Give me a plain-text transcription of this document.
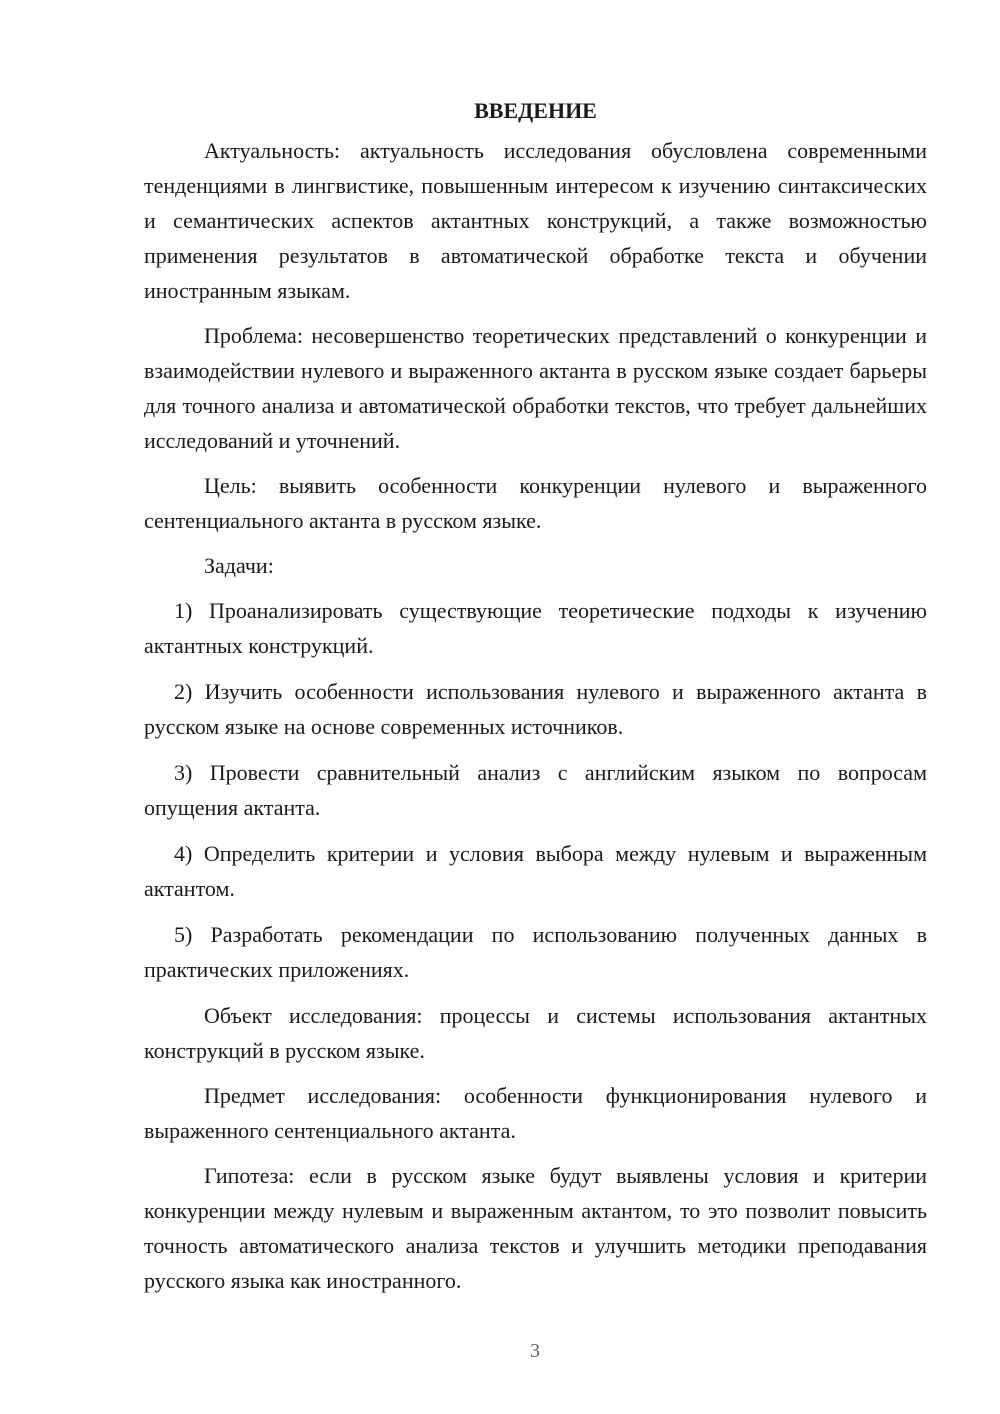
ВВЕДЕНИЕ

Актуальность: актуальность исследования обусловлена современными тенденциями в лингвистике, повышенным интересом к изучению синтаксических и семантических аспектов актантных конструкций, а также возможностью применения результатов в автоматической обработке текста и обучении иностранным языкам.

Проблема: несовершенство теоретических представлений о конкуренции и взаимодействии нулевого и выраженного актанта в русском языке создает барьеры для точного анализа и автоматической обработки текстов, что требует дальнейших исследований и уточнений.

Цель: выявить особенности конкуренции нулевого и выраженного сентенциального актанта в русском языке.

Задачи:

1) Проанализировать существующие теоретические подходы к изучению актантных конструкций.

2) Изучить особенности использования нулевого и выраженного актанта в русском языке на основе современных источников.

3) Провести сравнительный анализ с английским языком по вопросам опущения актанта.

4) Определить критерии и условия выбора между нулевым и выраженным актантом.

5) Разработать рекомендации по использованию полученных данных в практических приложениях.

Объект исследования: процессы и системы использования актантных конструкций в русском языке.

Предмет исследования: особенности функционирования нулевого и выраженного сентенциального актанта.

Гипотеза: если в русском языке будут выявлены условия и критерии конкуренции между нулевым и выраженным актантом, то это позволит повысить точность автоматического анализа текстов и улучшить методики преподавания русского языка как иностранного.

3
